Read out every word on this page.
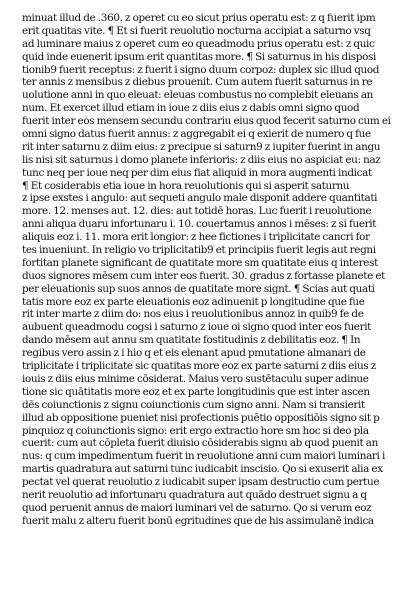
minuat illud de .360. z operet cu eo sicut prius operatu est: z q fuerit ipm
erit quatitas vite. ¶ Et si fuerit reuolutio nocturna accipiat a saturno vsq
ad luminare maius z operet cum eo queadmodu prius operatu est: z quic
quid inde euenerit ipsum erit quantitas more. ¶ Si saturnus in his disposi
tionib9 fuerit receptus: z fuerit i signo duum corpoz: duplex sic illud quod
ter annis z mensibus z diebus prouenit. Cum autem fuerit saturnus in re
uolutione anni in quo eleuat: eleuas combustus no complebit eleuans an
num. Et exercet illud etiam in ioue z diis eius z dabis omni signo quod
fuerit inter eos mensem secundu contrariu eius quod fecerit saturno cum ei
omni signo datus fuerit annus: z aggregabit ei q exierit de numero q fue
rit inter saturnu z diim eius: z precipue si saturn9 z iupiter fuerint in angu
lis nisi sit saturnus i domo planete inferioris: z diis eius no aspiciat eu: naz
tunc neq per ioue neq per dim eius fiat aliquid in mora augmenti indicat
¶ Et cosiderabis etia ioue in hora reuolutionis qui si asperit saturnu
z ipse exstes i angulo: aut sequeti angulo male disponit addere quantitati
more. 12. menses aut. 12. dies: aut totidē horas. Luc fuerit i reuolutione
anni aliqua duaru infortunaru i. 10. couertamus annos i mēses: z si fuerit
aliquis eoz i. 11. mora erit longior: z hee fictiones i triplicitate cancri for
tes inueniunt. In religio vo triplicitatib9 et principiis fuerit legis aut regni
fortitan planete significant de quatitate more sm quatitate eius q interest
duos signores mēsem cum inter eos fuerit. 30. gradus z fortasse planete et
per eleuationis sup suos annos de quatitate more signt. ¶ Scias aut quati
tatis more eoz ex parte eleuationis eoz adinuenit p longitudine que fue
rit inter marte z diim do: nos eius i reuolutionibus annoz in quib9 fe de
aubuent queadmodu cogsi i saturno z ioue oi signo quod inter eos fuerit
dando mēsem aut annu sm quatitate fostitudinis z debilitatis eoz. ¶ In
regibus vero assin z i hio q et eis elenant apud pmutatione almanari de
triplicitate i triplicitate sic quatitas more eoz ex parte saturni z diis eius z
iouis z diis eius minime cōsiderat. Maius vero sustētaculu super adinue
tione sic quātitatis more eoz et ex parte longitudinis que est inter ascen
dēs coiunctionis z signu coiunctionis cum signo anni. Nam si transierit
illud ab oppositione pueniet nisi profectionis puētio oppositiōis signo sit p
pinquioz q coiunctionis signo: erit ergo extractio hore sm hoc si deo pla
cuerit: cum aut cōpleta fuerit diuisio cōsiderabis signu ab quod puenit an
nus: q cum impedimentum fuerit in reuolutione anni cum maiori luminari i
martis quadratura aut saturni tunc iudicabit inscisio. Qo si exuserit alia ex
pectat vel querat reuolutio z iudicabit super ipsam destructio cum pertue
nerit reuolutio ad infortunaru quadratura aut quādo destruet signu a q
quod peruenit annus de maiori luminari vel de saturno. Qo si verum eoz
fuerit malu z alteru fuerit bonū egritudines que de his assimulanē indica
